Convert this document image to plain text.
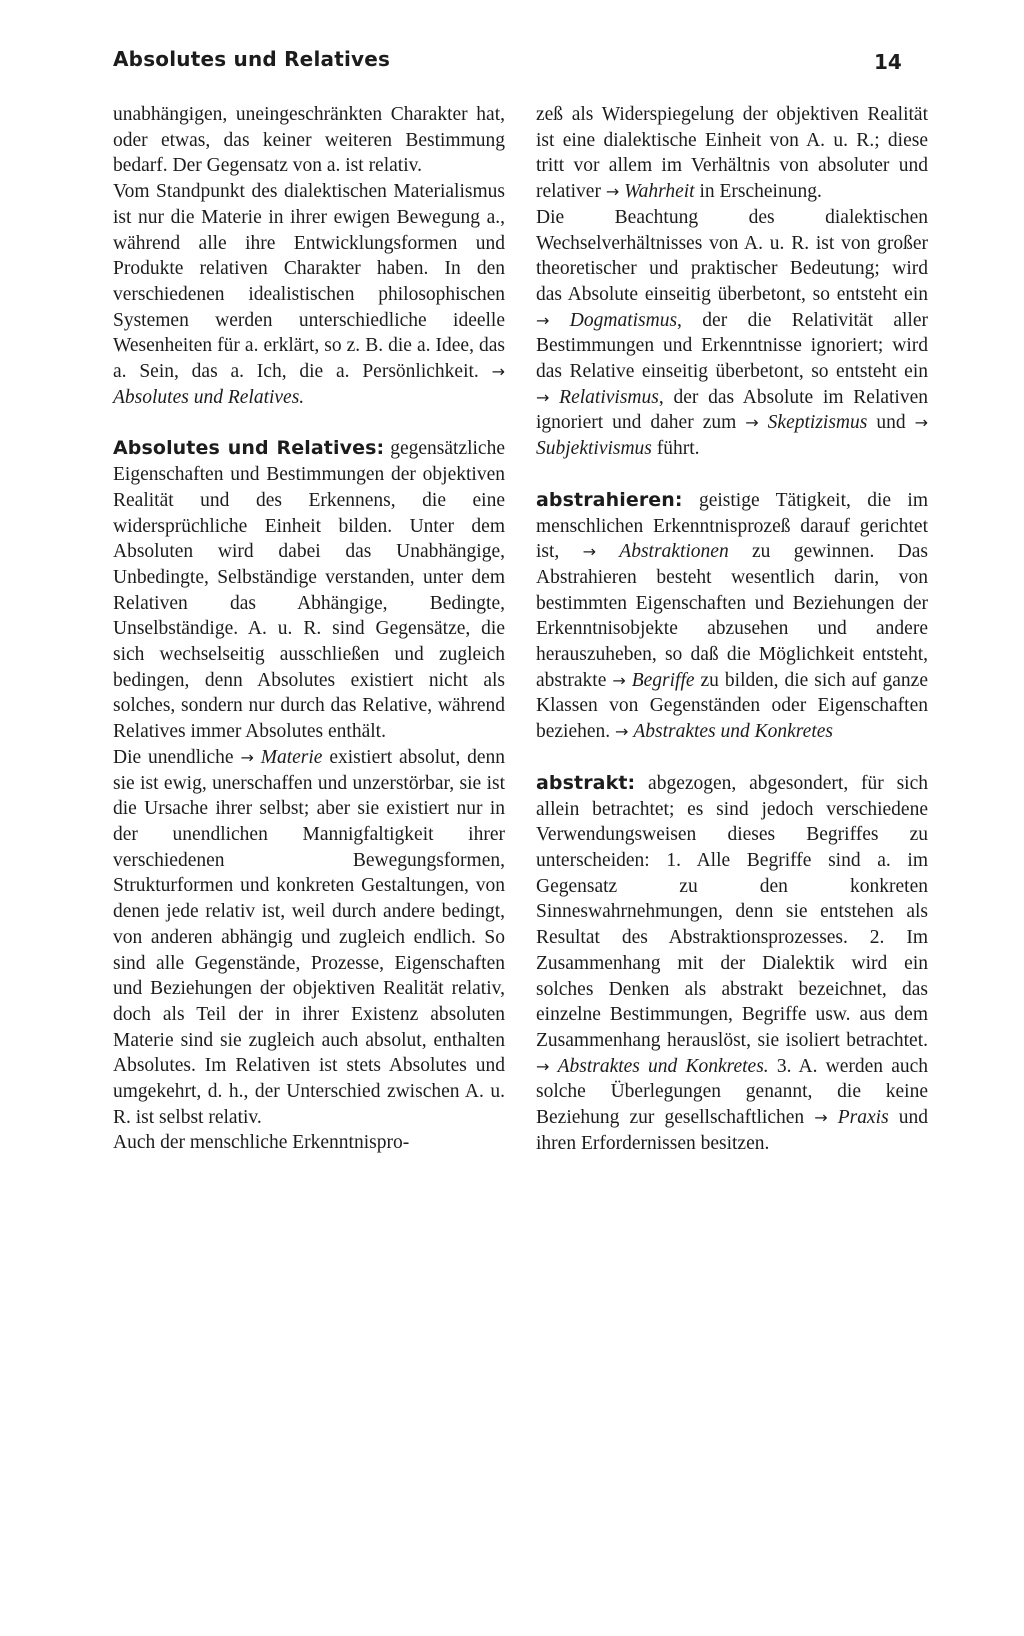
Absolutes und Relatives	14

unabhängigen, uneingeschränkten Charakter hat, oder etwas, das keiner weiteren Bestimmung bedarf. Der Gegensatz von a. ist relativ.

Vom Standpunkt des dialektischen Materialismus ist nur die Materie in ihrer ewigen Bewegung a., während alle ihre Entwicklungsformen und Produkte relativen Charakter haben. In den verschiedenen idealistischen philosophischen Systemen werden unterschiedliche ideelle Wesenheiten für a. erklärt, so z. B. die a. Idee, das a. Sein, das a. Ich, die a. Persönlichkeit. → Absolutes und Relatives.

Absolutes und Relatives: gegensätzliche Eigenschaften und Bestimmungen der objektiven Realität und des Erkennens, die eine widersprüchliche Einheit bilden. Unter dem Absoluten wird dabei das Unabhängige, Unbedingte, Selbständige verstanden, unter dem Relativen das Abhängige, Bedingte, Unselbständige. A. u. R. sind Gegensätze, die sich wechselseitig ausschließen und zugleich bedingen, denn Absolutes existiert nicht als solches, sondern nur durch das Relative, während Relatives immer Absolutes enthält.

Die unendliche → Materie existiert absolut, denn sie ist ewig, unerschaffen und unzerstörbar, sie ist die Ursache ihrer selbst; aber sie existiert nur in der unendlichen Mannigfaltigkeit ihrer verschiedenen Bewegungsformen, Strukturformen und konkreten Gestaltungen, von denen jede relativ ist, weil durch andere bedingt, von anderen abhängig und zugleich endlich. So sind alle Gegenstände, Prozesse, Eigenschaften und Beziehungen der objektiven Realität relativ, doch als Teil der in ihrer Existenz absoluten Materie sind sie zugleich auch absolut, enthalten Absolutes. Im Relativen ist stets Absolutes und umgekehrt, d. h., der Unterschied zwischen A. u. R. ist selbst relativ.

Auch der menschliche Erkenntnispro-

zeß als Widerspiegelung der objektiven Realität ist eine dialektische Einheit von A. u. R.; diese tritt vor allem im Verhältnis von absoluter und relativer → Wahrheit in Erscheinung.

Die Beachtung des dialektischen Wechselverhältnisses von A. u. R. ist von großer theoretischer und praktischer Bedeutung; wird das Absolute einseitig überbetont, so entsteht ein → Dogmatismus, der die Relativität aller Bestimmungen und Erkenntnisse ignoriert; wird das Relative einseitig überbetont, so entsteht ein → Relativismus, der das Absolute im Relativen ignoriert und daher zum → Skeptizismus und → Subjektivismus führt.

abstrahieren: geistige Tätigkeit, die im menschlichen Erkenntnisprozeß darauf gerichtet ist, → Abstraktionen zu gewinnen. Das Abstrahieren besteht wesentlich darin, von bestimmten Eigenschaften und Beziehungen der Erkenntnisobjekte abzusehen und andere herauszuheben, so daß die Möglichkeit entsteht, abstrakte → Begriffe zu bilden, die sich auf ganze Klassen von Gegenständen oder Eigenschaften beziehen. → Abstraktes und Konkretes

abstrakt: abgezogen, abgesondert, für sich allein betrachtet; es sind jedoch verschiedene Verwendungsweisen dieses Begriffes zu unterscheiden: 1. Alle Begriffe sind a. im Gegensatz zu den konkreten Sinneswahrnehmungen, denn sie entstehen als Resultat des Abstraktionsprozesses. 2. Im Zusammenhang mit der Dialektik wird ein solches Denken als abstrakt bezeichnet, das einzelne Bestimmungen, Begriffe usw. aus dem Zusammenhang herauslöst, sie isoliert betrachtet. → Abstraktes und Konkretes. 3. A. werden auch solche Überlegungen genannt, die keine Beziehung zur gesellschaftlichen → Praxis und ihren Erfordernissen besitzen.
